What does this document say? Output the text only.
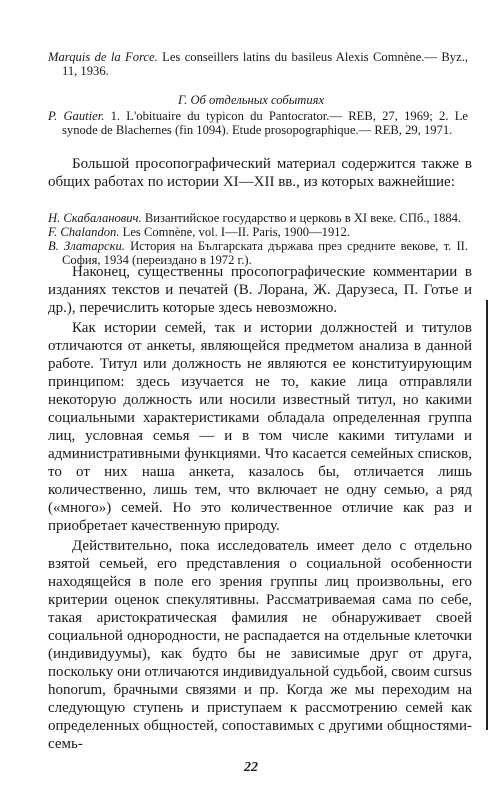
Marquis de la Force. Les conseillers latins du basileus Alexis Comnène.— Byz., 11, 1936.

Г. Об отдельных событиях

P. Gautier. 1. L'obituaire du typicon du Pantocrator.— REB, 27, 1969; 2. Le synode de Blachernes (fin 1094). Etude prosopographique.— REB, 29, 1971.

Большой просопографический материал содержится также в общих работах по истории XI—XII вв., из которых важнейшие:

Н. Скабаланович. Византийское государство и церковь в XI веке. СПб., 1884.

F. Chalandon. Les Comnène, vol. I—II. Paris, 1900—1912.

В. Златарски. История на Българската държава през средните векове, т. II. София, 1934 (переиздано в 1972 г.).

Наконец, существенны просопографические комментарии в изданиях текстов и печатей (В. Лорана, Ж. Дарузеса, П. Готье и др.), перечислить которые здесь невозможно.

Как истории семей, так и истории должностей и титулов отличаются от анкеты, являющейся предметом анализа в данной работе. Титул или должность не являются ее конституирующим принципом: здесь изучается не то, какие лица отправляли некоторую должность или носили известный титул, но какими социальными характеристиками обладала определенная группа лиц, условная семья — и в том числе какими титулами и административными функциями. Что касается семейных списков, то от них наша анкета, казалось бы, отличается лишь количественно, лишь тем, что включает не одну семью, а ряд («много») семей. Но это количественное отличие как раз и приобретает качественную природу.

Действительно, пока исследователь имеет дело с отдельно взятой семьей, его представления о социальной особенности находящейся в поле его зрения группы лиц произвольны, его критерии оценок спекулятивны. Рассматриваемая сама по себе, такая аристократическая фамилия не обнаруживает своей социальной однородности, не распадается на отдельные клеточки (индивидуумы), как будто бы не зависимые друг от друга, поскольку они отличаются индивидуальной судьбой, своим cursus honorum, брачными связями и пр. Когда же мы переходим на следующую ступень и приступаем к рассмотрению семей как определенных общностей, сопоставимых с другими общностями-семь-

22
